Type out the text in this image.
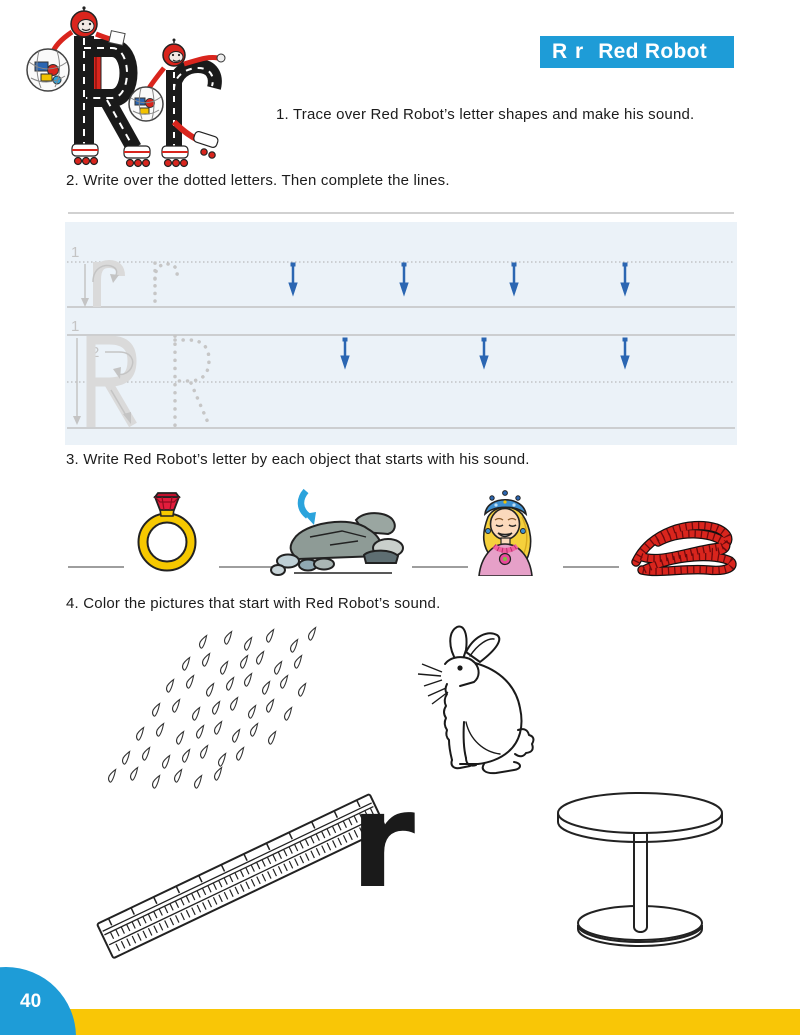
R r Red Robot
1. Trace over Red Robot’s letter shapes and make his sound.
2. Write over the dotted letters. Then complete the lines.
1
1
2
3. Write Red Robot’s letter by each object that starts with his sound.
4. Color the pictures that start with Red Robot’s sound.
r
40
